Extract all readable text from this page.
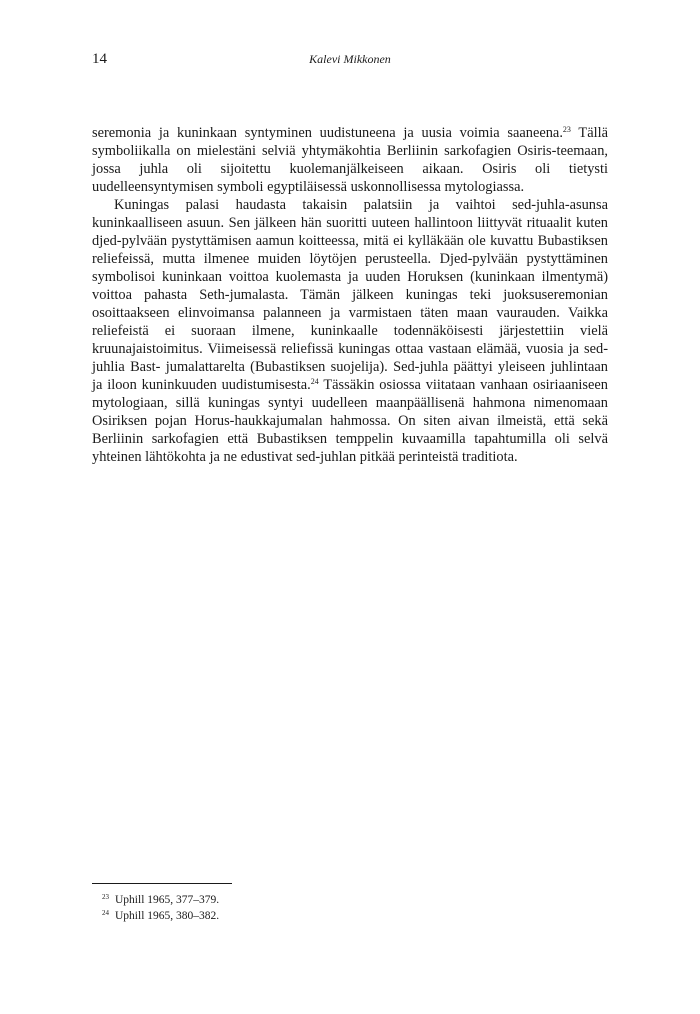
14	Kalevi Mikkonen

seremonia ja kuninkaan syntyminen uudistuneena ja uusia voimia saaneena.$^{23}$ Tällä symboliikalla on mielestäni selviä yhtymäkohtia Berliinin sarkofagien Osiris-teemaan, jossa juhla oli sijoitettu kuolemanjälkeiseen aikaan. Osiris oli tietysti uudelleensyntymisen symboli egyptiläisessä uskonnollisessa mytologiassa.

Kuningas palasi haudasta takaisin palatsiin ja vaihtoi sed-juhla-asunsa kuninkaalliseen asuun. Sen jälkeen hän suoritti uuteen hallintoon liittyvät rituaalit kuten djed-pylvään pystyttämisen aamun koitteessa, mitä ei kylläkään ole kuvattu Bubastiksen reliefeissä, mutta ilmenee muiden löytöjen perusteella. Djed-pylvään pystyttäminen symbolisoi kuninkaan voittoa kuolemasta ja uuden Horuksen (kuninkaan ilmentymä) voittoa pahasta Seth-jumalasta. Tämän jälkeen kuningas teki juoksuseremonian osoittaakseen elinvoimansa palanneen ja varmistaen täten maan vaurauden. Vaikka reliefeistä ei suoraan ilmene, kuninkaalle todennäköisesti järjestettiin vielä kruunajaistoimitus. Viimeisessä reliefissä kuningas ottaa vastaan elämää, vuosia ja sed-juhlia Bast- jumalattarelta (Bubastiksen suojelija). Sed-juhla päättyi yleiseen juhlintaan ja iloon kuninkuuden uudistumisesta.$^{24}$ Tässäkin osiossa viitataan vanhaan osiriaaniseen mytologiaan, sillä kuningas syntyi uudelleen maanpäällisenä hahmona nimenomaan Osiriksen pojan Horus-haukkajumalan hahmossa. On siten aivan ilmeistä, että sekä Berliinin sarkofagien että Bubastiksen temppelin kuvaamilla tapahtumilla oli selvä yhteinen lähtökohta ja ne edustivat sed-juhlan pitkää perinteistä traditiota.

$^{23}$ Uphill 1965, 377–379.

$^{24}$ Uphill 1965, 380–382.
